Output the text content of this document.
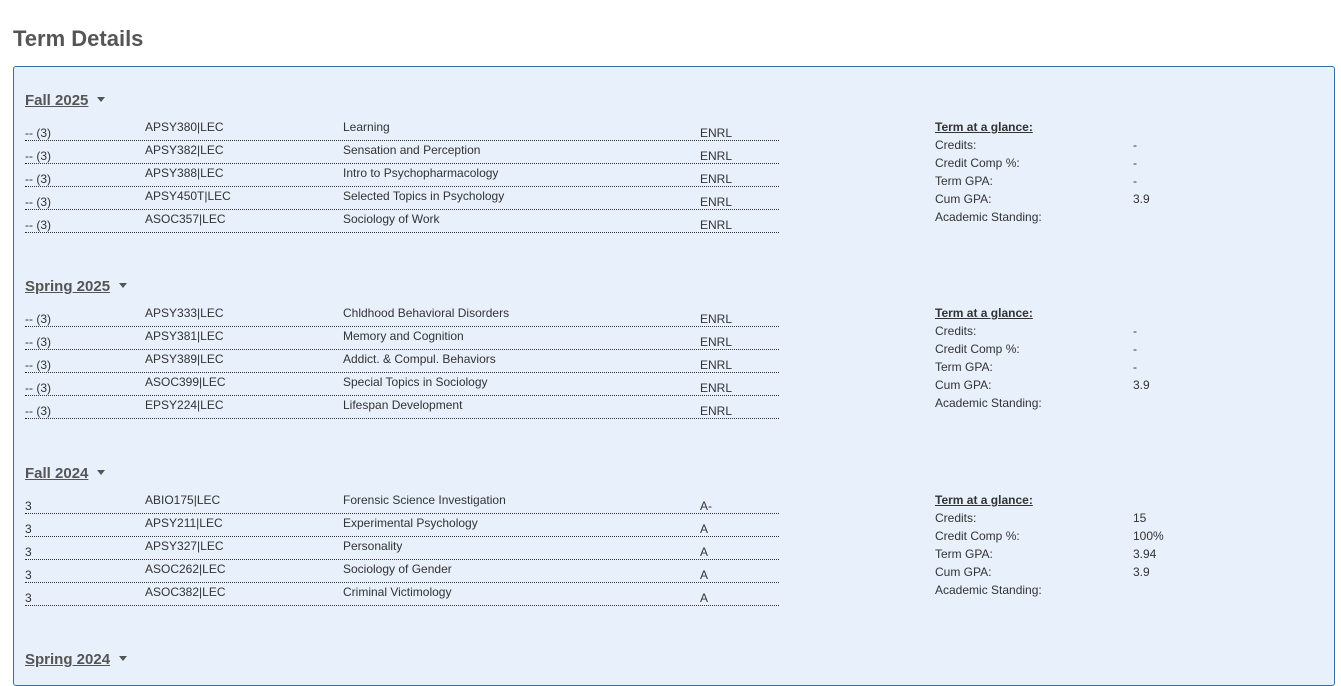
Term Details
Fall 2025
-- (3)	APSY380|LEC	Learning	ENRL
-- (3)	APSY382|LEC	Sensation and Perception	ENRL
-- (3)	APSY388|LEC	Intro to Psychopharmacology	ENRL
-- (3)	APSY450T|LEC	Selected Topics in Psychology	ENRL
-- (3)	ASOC357|LEC	Sociology of Work	ENRL
Term at a glance:
Credits:	-
Credit Comp %:	-
Term GPA:	-
Cum GPA:	3.9
Academic Standing:
Spring 2025
-- (3)	APSY333|LEC	Chldhood Behavioral Disorders	ENRL
-- (3)	APSY381|LEC	Memory and Cognition	ENRL
-- (3)	APSY389|LEC	Addict. & Compul. Behaviors	ENRL
-- (3)	ASOC399|LEC	Special Topics in Sociology	ENRL
-- (3)	EPSY224|LEC	Lifespan Development	ENRL
Term at a glance:
Credits:	-
Credit Comp %:	-
Term GPA:	-
Cum GPA:	3.9
Academic Standing:
Fall 2024
3	ABIO175|LEC	Forensic Science Investigation	A-
3	APSY211|LEC	Experimental Psychology	A
3	APSY327|LEC	Personality	A
3	ASOC262|LEC	Sociology of Gender	A
3	ASOC382|LEC	Criminal Victimology	A
Term at a glance:
Credits:	15
Credit Comp %:	100%
Term GPA:	3.94
Cum GPA:	3.9
Academic Standing:
Spring 2024
